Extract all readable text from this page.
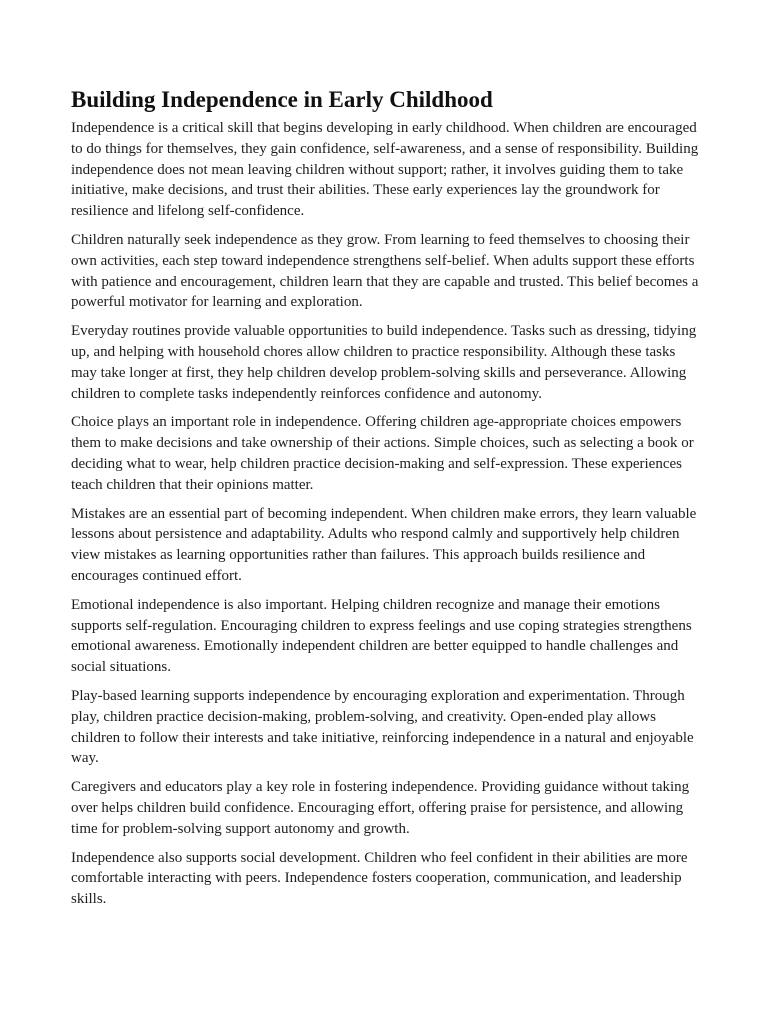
Building Independence in Early Childhood

Independence is a critical skill that begins developing in early childhood. When children are encouraged to do things for themselves, they gain confidence, self-awareness, and a sense of responsibility. Building independence does not mean leaving children without support; rather, it involves guiding them to take initiative, make decisions, and trust their abilities. These early experiences lay the groundwork for resilience and lifelong self-confidence.

Children naturally seek independence as they grow. From learning to feed themselves to choosing their own activities, each step toward independence strengthens self-belief. When adults support these efforts with patience and encouragement, children learn that they are capable and trusted. This belief becomes a powerful motivator for learning and exploration.

Everyday routines provide valuable opportunities to build independence. Tasks such as dressing, tidying up, and helping with household chores allow children to practice responsibility. Although these tasks may take longer at first, they help children develop problem-solving skills and perseverance. Allowing children to complete tasks independently reinforces confidence and autonomy.

Choice plays an important role in independence. Offering children age-appropriate choices empowers them to make decisions and take ownership of their actions. Simple choices, such as selecting a book or deciding what to wear, help children practice decision-making and self-expression. These experiences teach children that their opinions matter.

Mistakes are an essential part of becoming independent. When children make errors, they learn valuable lessons about persistence and adaptability. Adults who respond calmly and supportively help children view mistakes as learning opportunities rather than failures. This approach builds resilience and encourages continued effort.

Emotional independence is also important. Helping children recognize and manage their emotions supports self-regulation. Encouraging children to express feelings and use coping strategies strengthens emotional awareness. Emotionally independent children are better equipped to handle challenges and social situations.

Play-based learning supports independence by encouraging exploration and experimentation. Through play, children practice decision-making, problem-solving, and creativity. Open-ended play allows children to follow their interests and take initiative, reinforcing independence in a natural and enjoyable way.

Caregivers and educators play a key role in fostering independence. Providing guidance without taking over helps children build confidence. Encouraging effort, offering praise for persistence, and allowing time for problem-solving support autonomy and growth.

Independence also supports social development. Children who feel confident in their abilities are more comfortable interacting with peers. Independence fosters cooperation, communication, and leadership skills.
